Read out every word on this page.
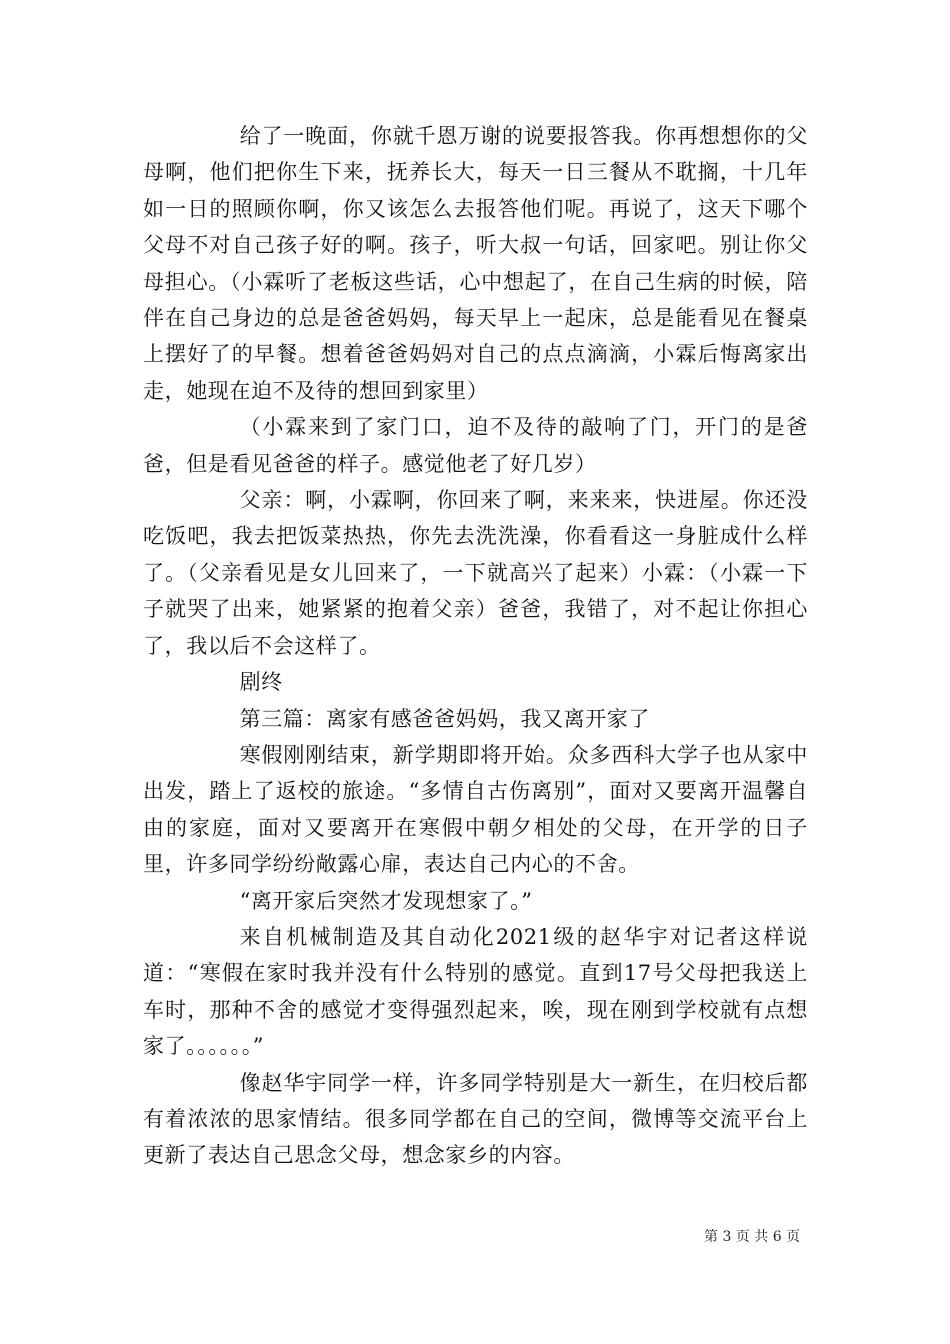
给了一晚面，你就千恩万谢的说要报答我。你再想想你的父母啊，他们把你生下来，抚养长大，每天一日三餐从不耽搁，十几年如一日的照顾你啊，你又该怎么去报答他们呢。再说了，这天下哪个父母不对自己孩子好的啊。孩子，听大叔一句话，回家吧。别让你父母担心。（小霖听了老板这些话，心中想起了，在自己生病的时候，陪伴在自己身边的总是爸爸妈妈，每天早上一起床，总是能看见在餐桌上摆好了的早餐。想着爸爸妈妈对自己的点点滴滴，小霖后悔离家出走，她现在迫不及待的想回到家里）

（小霖来到了家门口，迫不及待的敲响了门，开门的是爸爸，但是看见爸爸的样子。感觉他老了好几岁）

父亲：啊，小霖啊，你回来了啊，来来来，快进屋。你还没吃饭吧，我去把饭菜热热，你先去洗洗澡，你看看这一身脏成什么样了。（父亲看见是女儿回来了，一下就高兴了起来）小霖：（小霖一下子就哭了出来，她紧紧的抱着父亲）爸爸，我错了，对不起让你担心了，我以后不会这样了。

剧终

第三篇：离家有感爸爸妈妈，我又离开家了

寒假刚刚结束，新学期即将开始。众多西科大学子也从家中出发，踏上了返校的旅途。“多情自古伤离别”，面对又要离开温馨自由的家庭，面对又要离开在寒假中朝夕相处的父母，在开学的日子里，许多同学纷纷敞露心扉，表达自己内心的不舍。

“离开家后突然才发现想家了。”

来自机械制造及其自动化2021级的赵华宇对记者这样说道：“寒假在家时我并没有什么特别的感觉。直到17号父母把我送上车时，那种不舍的感觉才变得强烈起来，唉，现在刚到学校就有点想家了。。。。。。”

像赵华宇同学一样，许多同学特别是大一新生，在归校后都有着浓浓的思家情结。很多同学都在自己的空间，微博等交流平台上更新了表达自己思念父母，想念家乡的内容。

第 3 页 共 6 页
